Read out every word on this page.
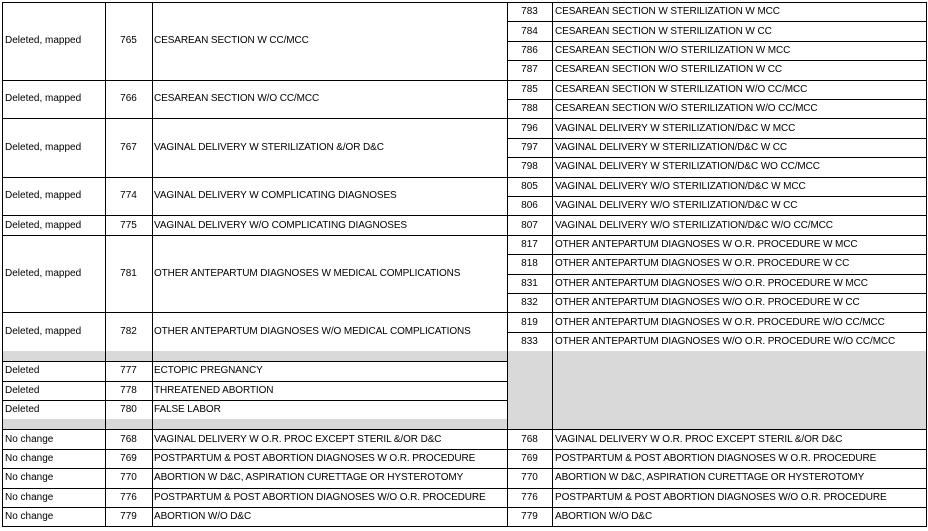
Deleted, mapped	765	CESAREAN SECTION W CC/MCC
783	CESAREAN SECTION W STERILIZATION W MCC
784	CESAREAN SECTION W STERILIZATION W CC
786	CESAREAN SECTION W/O STERILIZATION W MCC
787	CESAREAN SECTION W/O STERILIZATION W CC
Deleted, mapped	766	CESAREAN SECTION W/O CC/MCC
785	CESAREAN SECTION W STERILIZATION W/O CC/MCC
788	CESAREAN SECTION W/O STERILIZATION W/O CC/MCC
Deleted, mapped	767	VAGINAL DELIVERY W STERILIZATION &/OR D&C
796	VAGINAL DELIVERY W STERILIZATION/D&C W MCC
797	VAGINAL DELIVERY W STERILIZATION/D&C W CC
798	VAGINAL DELIVERY W STERILIZATION/D&C WO CC/MCC
Deleted, mapped	774	VAGINAL DELIVERY W COMPLICATING DIAGNOSES
805	VAGINAL DELIVERY W/O STERILIZATION/D&C W MCC
806	VAGINAL DELIVERY W/O STERILIZATION/D&C W CC
Deleted, mapped	775	VAGINAL DELIVERY W/O COMPLICATING DIAGNOSES	807	VAGINAL DELIVERY W/O STERILIZATION/D&C W/O CC/MCC
Deleted, mapped	781	OTHER ANTEPARTUM DIAGNOSES W MEDICAL COMPLICATIONS
817	OTHER ANTEPARTUM DIAGNOSES W O.R. PROCEDURE W MCC
818	OTHER ANTEPARTUM DIAGNOSES W O.R. PROCEDURE W CC
831	OTHER ANTEPARTUM DIAGNOSES W/O O.R. PROCEDURE W MCC
832	OTHER ANTEPARTUM DIAGNOSES W/O O.R. PROCEDURE W CC
Deleted, mapped	782	OTHER ANTEPARTUM DIAGNOSES W/O MEDICAL COMPLICATIONS
819	OTHER ANTEPARTUM DIAGNOSES W O.R. PROCEDURE W/O CC/MCC
833	OTHER ANTEPARTUM DIAGNOSES W/O O.R. PROCEDURE W/O CC/MCC
Deleted	777	ECTOPIC PREGNANCY
Deleted	778	THREATENED ABORTION
Deleted	780	FALSE LABOR
No change	768	VAGINAL DELIVERY W O.R. PROC EXCEPT STERIL &/OR D&C	768	VAGINAL DELIVERY W O.R. PROC EXCEPT STERIL &/OR D&C
No change	769	POSTPARTUM & POST ABORTION DIAGNOSES W O.R. PROCEDURE	769	POSTPARTUM & POST ABORTION DIAGNOSES W O.R. PROCEDURE
No change	770	ABORTION W D&C, ASPIRATION CURETTAGE OR HYSTEROTOMY	770	ABORTION W D&C, ASPIRATION CURETTAGE OR HYSTEROTOMY
No change	776	POSTPARTUM & POST ABORTION DIAGNOSES W/O O.R. PROCEDURE	776	POSTPARTUM & POST ABORTION DIAGNOSES W/O O.R. PROCEDURE
No change	779	ABORTION W/O D&C	779	ABORTION W/O D&C
